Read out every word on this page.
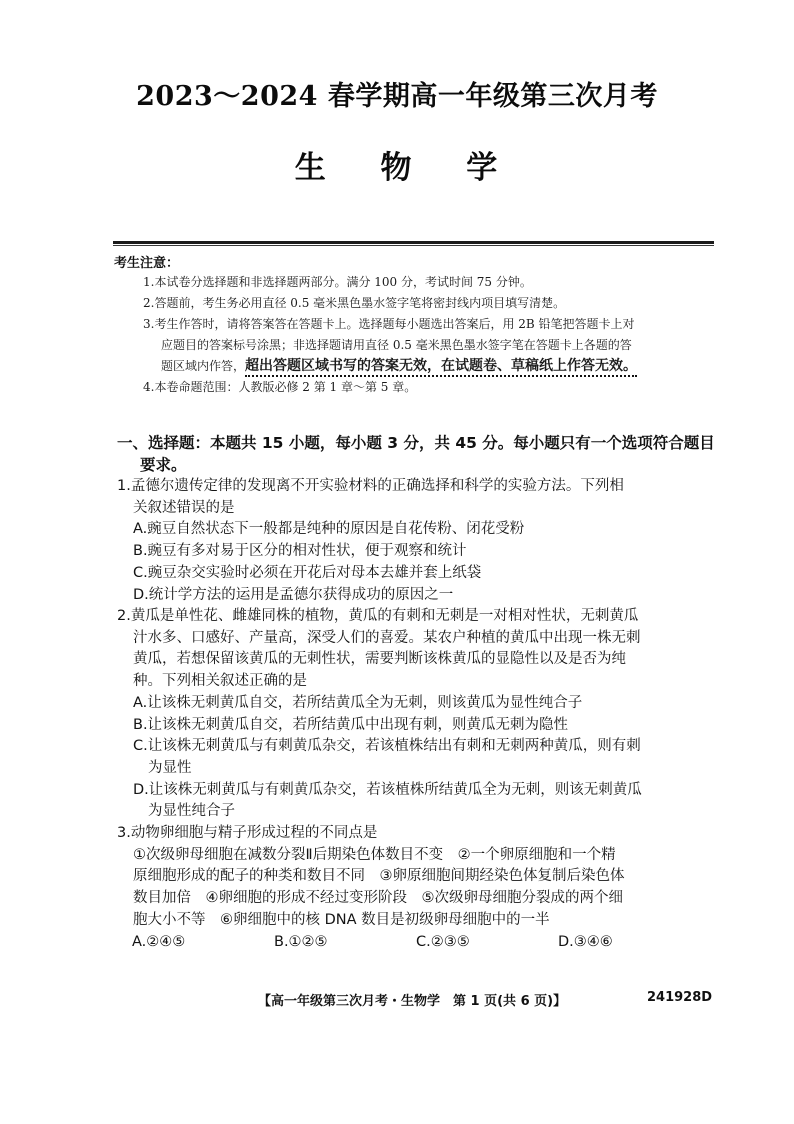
2023～2024 春学期高一年级第三次月考
生 物 学
考生注意：
1.本试卷分选择题和非选择题两部分。满分 100 分，考试时间 75 分钟。
2.答题前，考生务必用直径 0.5 毫米黑色墨水签字笔将密封线内项目填写清楚。
3.考生作答时，请将答案答在答题卡上。选择题每小题选出答案后，用 2B 铅笔把答题卡上对
应题目的答案标号涂黑；非选择题请用直径 0.5 毫米黑色墨水签字笔在答题卡上各题的答
题区域内作答，超出答题区域书写的答案无效，在试题卷、草稿纸上作答无效。
4.本卷命题范围：人教版必修 2 第 1 章～第 5 章。
一、选择题：本题共 15 小题，每小题 3 分，共 45 分。每小题只有一个选项符合题目
要求。
1.孟德尔遗传定律的发现离不开实验材料的正确选择和科学的实验方法。下列相
关叙述错误的是
A.豌豆自然状态下一般都是纯种的原因是自花传粉、闭花受粉
B.豌豆有多对易于区分的相对性状，便于观察和统计
C.豌豆杂交实验时必须在开花后对母本去雄并套上纸袋
D.统计学方法的运用是孟德尔获得成功的原因之一
2.黄瓜是单性花、雌雄同株的植物，黄瓜的有刺和无刺是一对相对性状，无刺黄瓜
汁水多、口感好、产量高，深受人们的喜爱。某农户种植的黄瓜中出现一株无刺
黄瓜，若想保留该黄瓜的无刺性状，需要判断该株黄瓜的显隐性以及是否为纯
种。下列相关叙述正确的是
A.让该株无刺黄瓜自交，若所结黄瓜全为无刺，则该黄瓜为显性纯合子
B.让该株无刺黄瓜自交，若所结黄瓜中出现有刺，则黄瓜无刺为隐性
C.让该株无刺黄瓜与有刺黄瓜杂交，若该植株结出有刺和无刺两种黄瓜，则有刺
为显性
D.让该株无刺黄瓜与有刺黄瓜杂交，若该植株所结黄瓜全为无刺，则该无刺黄瓜
为显性纯合子
3.动物卵细胞与精子形成过程的不同点是
①次级卵母细胞在减数分裂Ⅱ后期染色体数目不变　②一个卵原细胞和一个精
原细胞形成的配子的种类和数目不同　③卵原细胞间期经染色体复制后染色体
数目加倍　④卵细胞的形成不经过变形阶段　⑤次级卵母细胞分裂成的两个细
胞大小不等　⑥卵细胞中的核 DNA 数目是初级卵母细胞中的一半
A.②④⑤	B.①②⑤	C.②③⑤	D.③④⑥
【高一年级第三次月考・生物学　第 1 页(共 6 页)】	241928D
